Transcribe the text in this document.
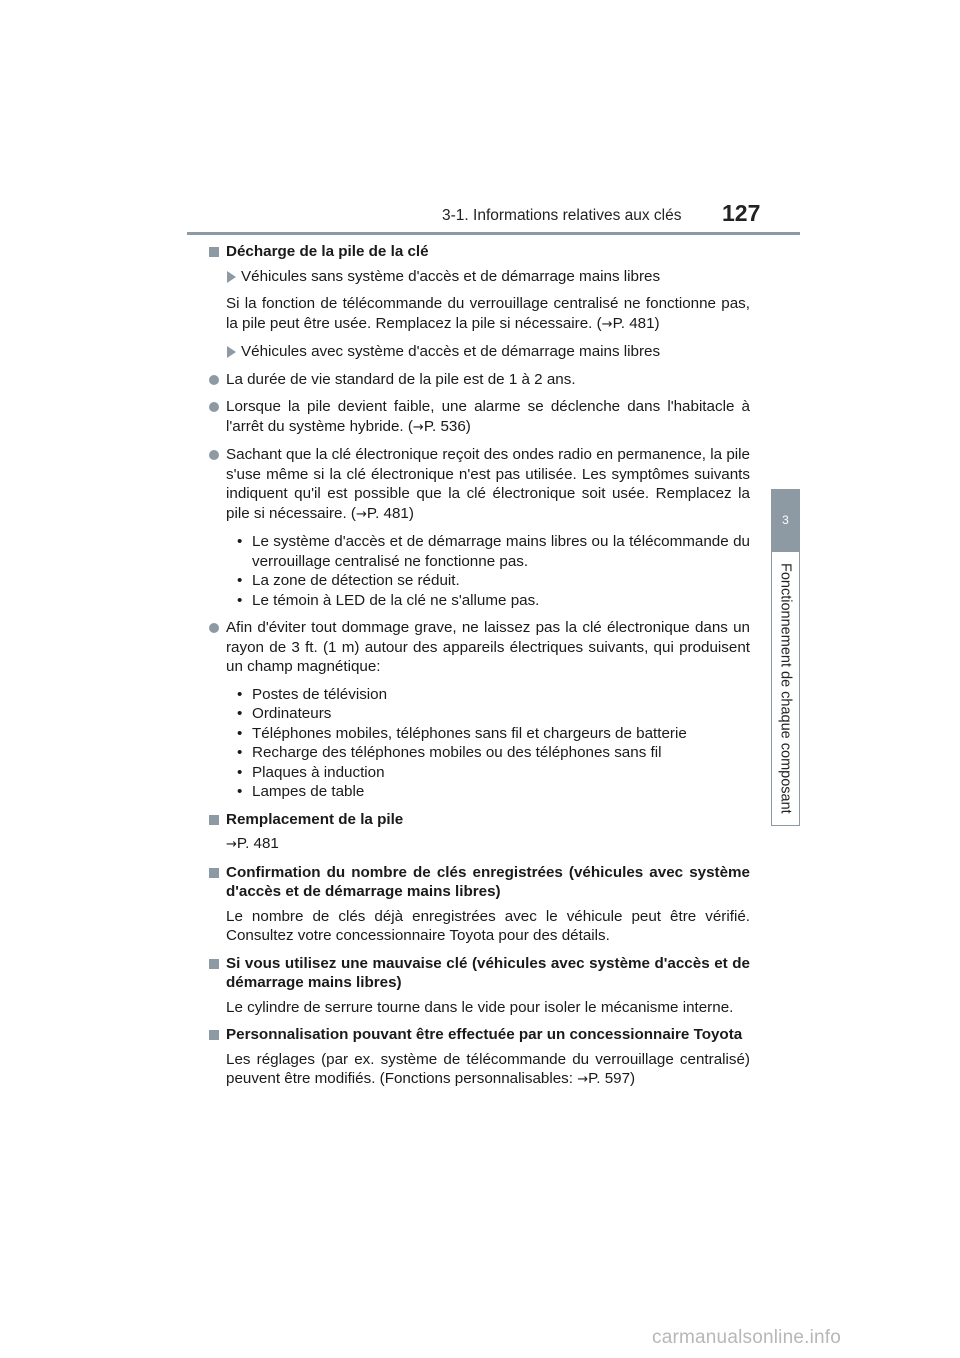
3-1. Informations relatives aux clés 127
3
Fonctionnement de chaque composant
Décharge de la pile de la clé
Véhicules sans système d'accès et de démarrage mains libres
Si la fonction de télécommande du verrouillage centralisé ne fonctionne pas, la pile peut être usée. Remplacez la pile si nécessaire. (→P. 481)
Véhicules avec système d'accès et de démarrage mains libres
La durée de vie standard de la pile est de 1 à 2 ans.
Lorsque la pile devient faible, une alarme se déclenche dans l'habitacle à l'arrêt du système hybride. (→P. 536)
Sachant que la clé électronique reçoit des ondes radio en permanence, la pile s'use même si la clé électronique n'est pas utilisée. Les symptômes suivants indiquent qu'il est possible que la clé électronique soit usée. Remplacez la pile si nécessaire. (→P. 481)
• Le système d'accès et de démarrage mains libres ou la télécommande du verrouillage centralisé ne fonctionne pas.
• La zone de détection se réduit.
• Le témoin à LED de la clé ne s'allume pas.
Afin d'éviter tout dommage grave, ne laissez pas la clé électronique dans un rayon de 3 ft. (1 m) autour des appareils électriques suivants, qui produisent un champ magnétique:
• Postes de télévision
• Ordinateurs
• Téléphones mobiles, téléphones sans fil et chargeurs de batterie
• Recharge des téléphones mobiles ou des téléphones sans fil
• Plaques à induction
• Lampes de table
Remplacement de la pile
→P. 481
Confirmation du nombre de clés enregistrées (véhicules avec système d'accès et de démarrage mains libres)
Le nombre de clés déjà enregistrées avec le véhicule peut être vérifié. Consultez votre concessionnaire Toyota pour des détails.
Si vous utilisez une mauvaise clé (véhicules avec système d'accès et de démarrage mains libres)
Le cylindre de serrure tourne dans le vide pour isoler le mécanisme interne.
Personnalisation pouvant être effectuée par un concessionnaire Toyota
Les réglages (par ex. système de télécommande du verrouillage centralisé) peuvent être modifiés. (Fonctions personnalisables: →P. 597)
carmanualsonline.info
